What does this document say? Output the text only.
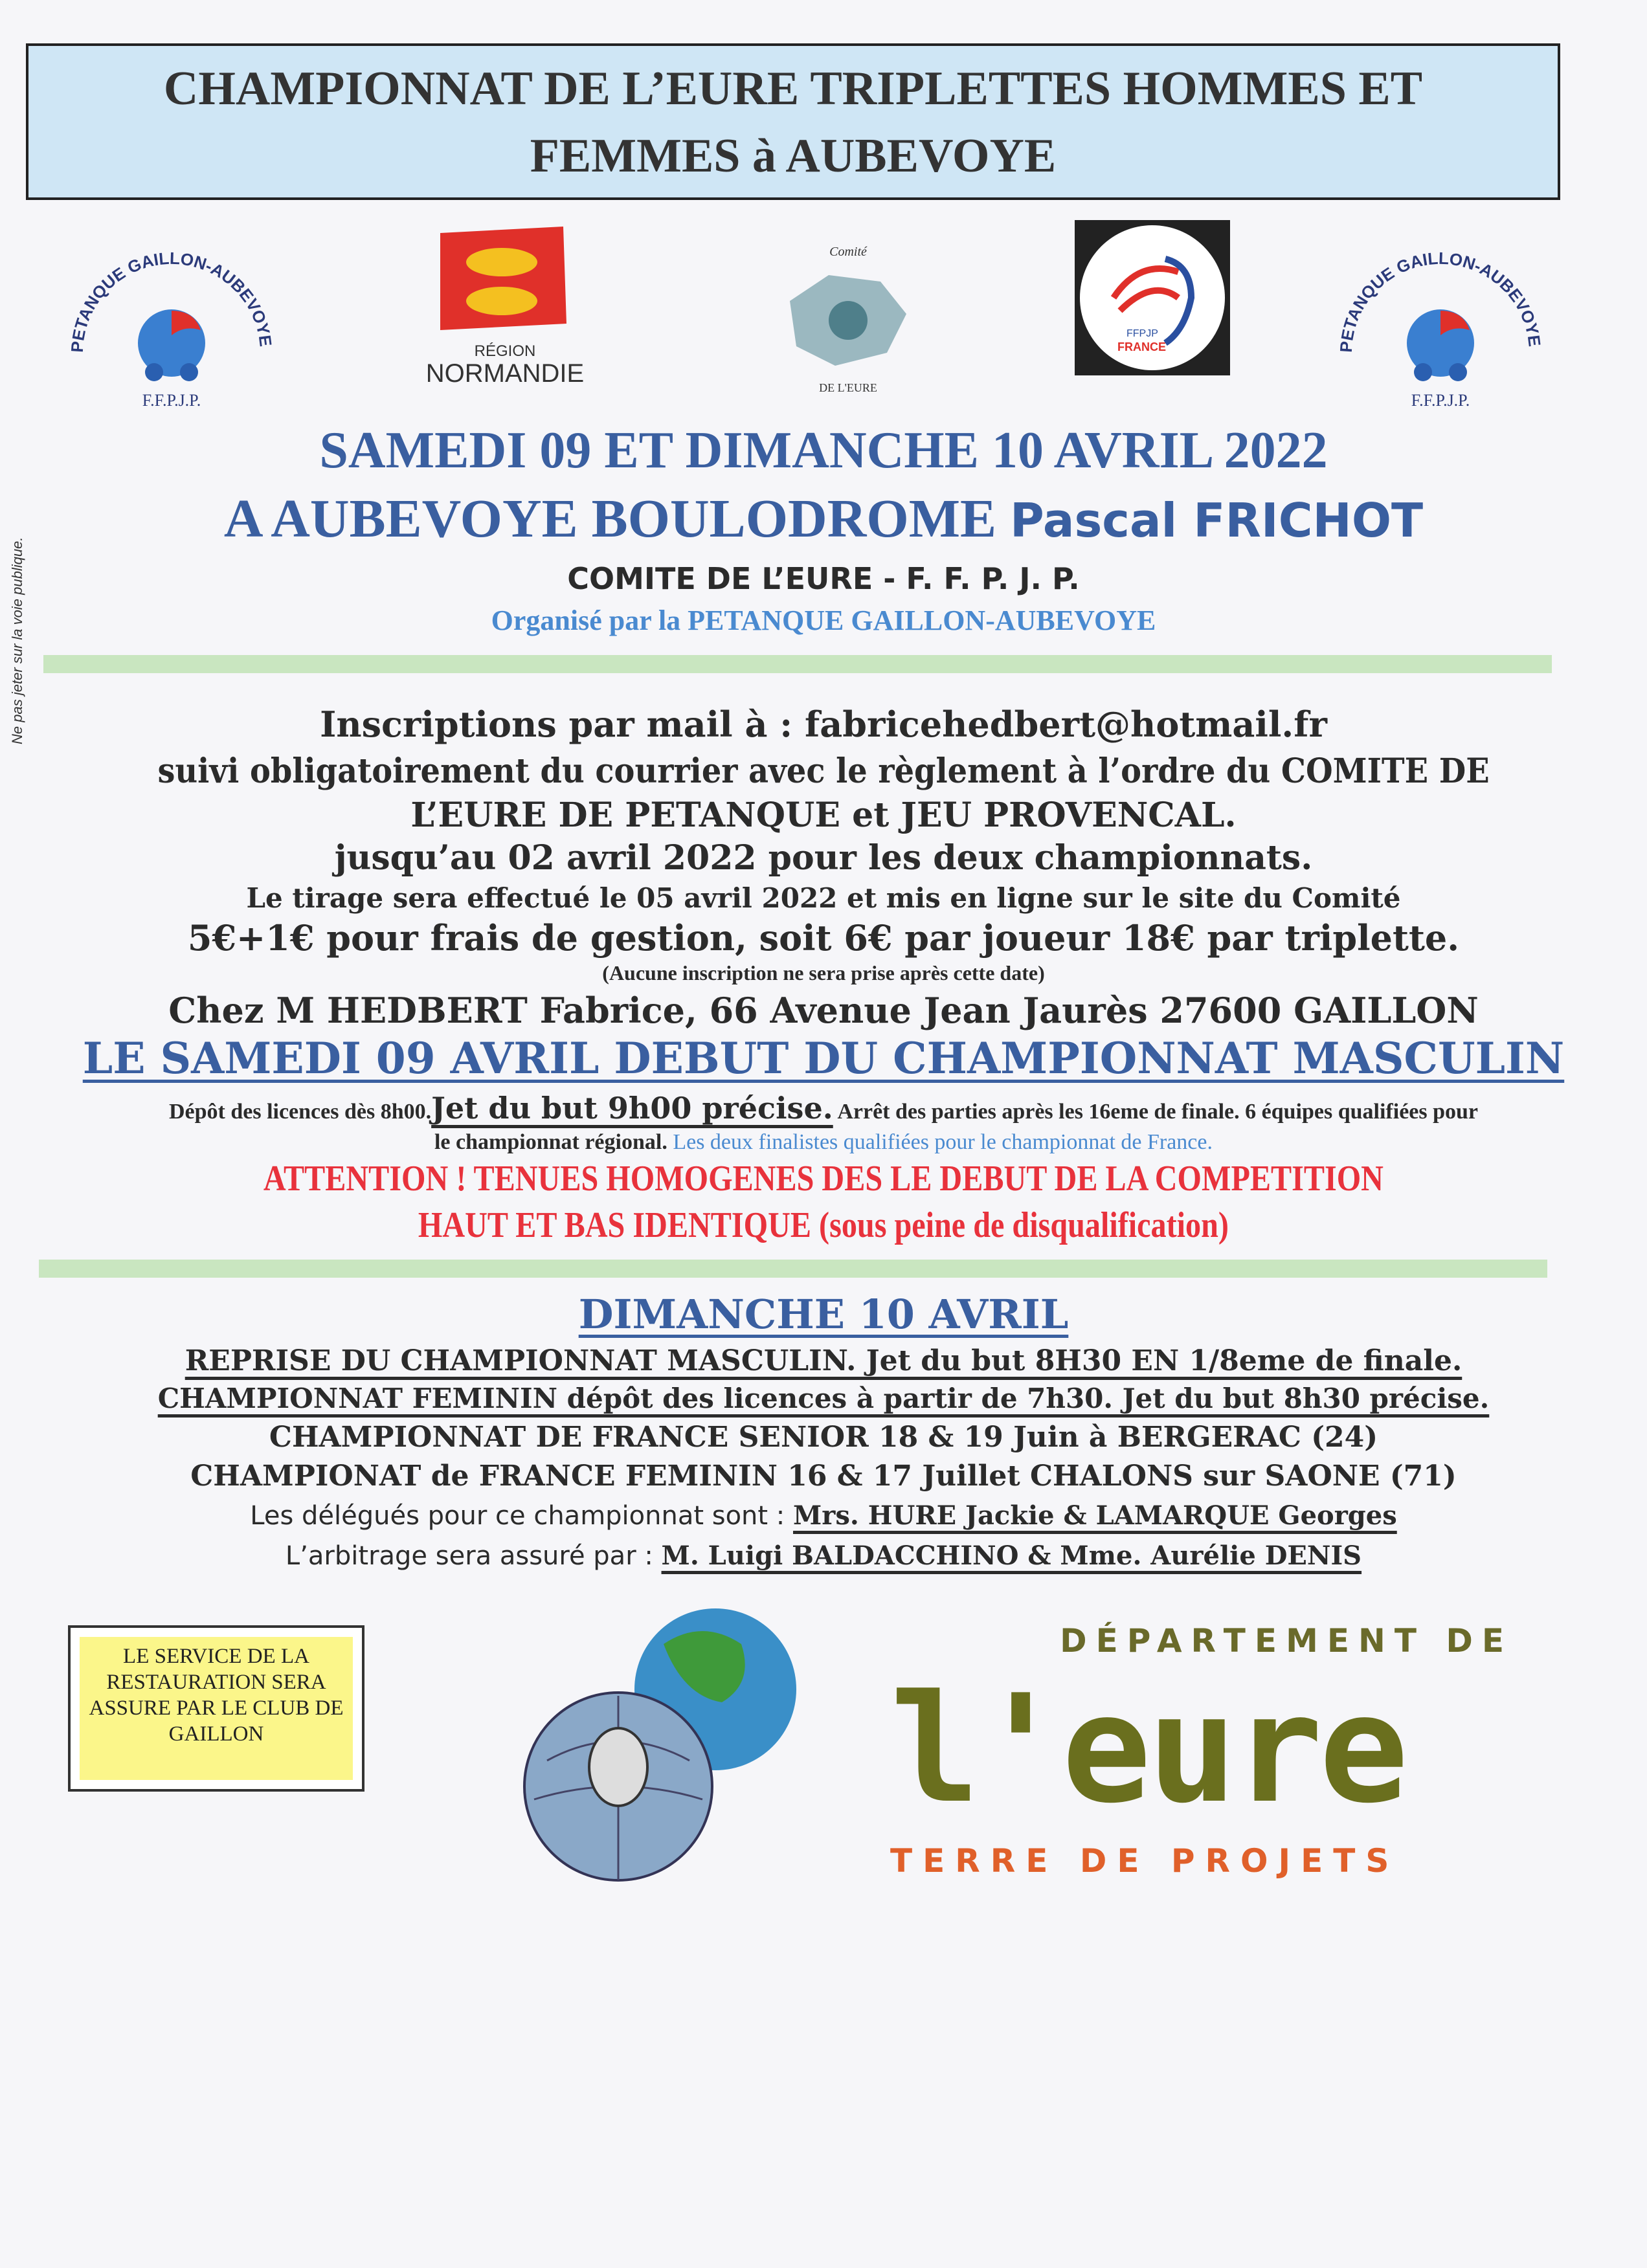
Ne pas jeter sur la voie publique.
CHAMPIONNAT DE L’EURE TRIPLETTES HOMMES ET
FEMMES à AUBEVOYE
PETANQUE GAILLON-AUBEVOYE
F.F.P.J.P.
RÉGION
NORMANDIE
Comité
DE L'EURE
FFPJP
FRANCE	PETANQUE GAILLON-AUBEVOYE
F.F.P.J.P.
SAMEDI 09 ET DIMANCHE 10 AVRIL 2022
A AUBEVOYE BOULODROME Pascal FRICHOT
COMITE DE L’EURE - F. F. P. J. P.
Organisé par la PETANQUE GAILLON-AUBEVOYE
Inscriptions par mail à : fabricehedbert@hotmail.fr
suivi obligatoirement du courrier avec le règlement à l’ordre du COMITE DE
L’EURE DE PETANQUE et JEU PROVENCAL.
jusqu’au 02 avril 2022 pour les deux championnats.
Le tirage sera effectué le 05 avril 2022 et mis en ligne sur le site du Comité
5€+1€ pour frais de gestion, soit 6€ par joueur 18€ par triplette.
(Aucune inscription ne sera prise après cette date)
Chez M HEDBERT Fabrice, 66 Avenue Jean Jaurès 27600 GAILLON
LE SAMEDI 09 AVRIL DEBUT DU CHAMPIONNAT MASCULIN
Dépôt des licences dès 8h00.Jet du but 9h00 précise. Arrêt des parties après les 16eme de finale. 6 équipes qualifiées pour
le championnat régional. Les deux finalistes qualifiées pour le championnat de France.
ATTENTION ! TENUES HOMOGENES DES LE DEBUT DE LA COMPETITION
HAUT ET BAS IDENTIQUE (sous peine de disqualification)
DIMANCHE 10 AVRIL
REPRISE DU CHAMPIONNAT MASCULIN. Jet du but 8H30 EN 1/8eme de finale.
CHAMPIONNAT FEMININ dépôt des licences à partir de 7h30. Jet du but 8h30 précise.
CHAMPIONNAT DE FRANCE SENIOR 18 & 19 Juin à BERGERAC (24)
CHAMPIONAT de FRANCE FEMININ 16 & 17 Juillet CHALONS sur SAONE (71)
Les délégués pour ce championnat sont : Mrs. HURE Jackie & LAMARQUE Georges
L’arbitrage sera assuré par : M. Luigi BALDACCHINO & Mme. Aurélie DENIS
LE SERVICE DE LA RESTAURATION SERA ASSURE PAR LE CLUB DE GAILLON
DÉPARTEMENT DE
l'eure
TERRE DE PROJETS
